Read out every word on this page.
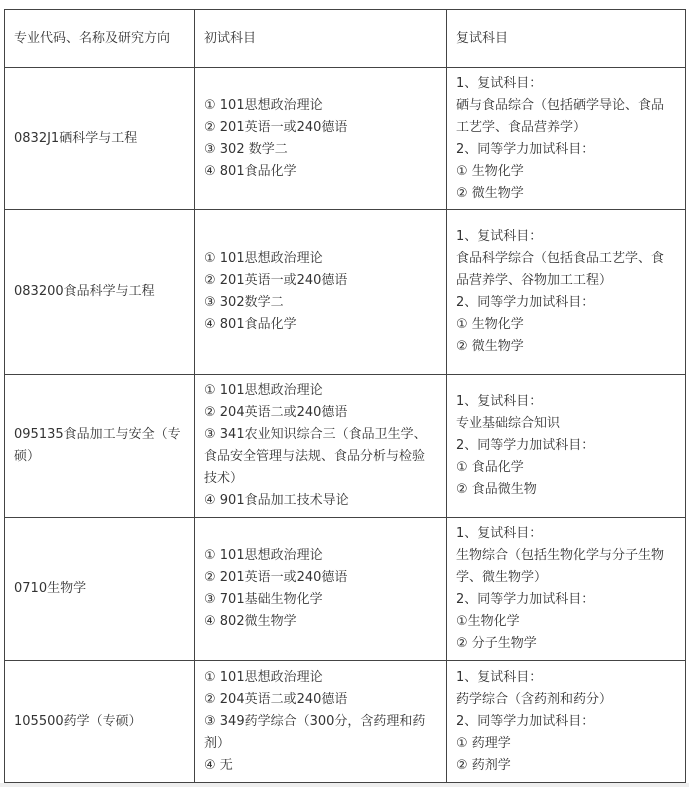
专业代码、名称及研究方向	初试科目	复试科目

0832J1硒科学与工程	① 101思想政治理论
② 201英语一或240德语
③ 302 数学二
④ 801食品化学	1、复试科目：
硒与食品综合（包括硒学导论、食品工艺学、食品营养学）
2、同等学力加试科目：
① 生物化学
② 微生物学

083200食品科学与工程	① 101思想政治理论
② 201英语一或240德语
③ 302数学二
④ 801食品化学	1、复试科目：
食品科学综合（包括食品工艺学、食品营养学、谷物加工工程）
2、同等学力加试科目：
① 生物化学
② 微生物学

095135食品加工与安全（专硕）	① 101思想政治理论
② 204英语二或240德语
③ 341农业知识综合三（食品卫生学、食品安全管理与法规、食品分析与检验技术）
④ 901食品加工技术导论	1、复试科目：
专业基础综合知识
2、同等学力加试科目：
① 食品化学
② 食品微生物

0710生物学	① 101思想政治理论
② 201英语一或240德语
③ 701基础生物化学
④ 802微生物学	1、复试科目：
生物综合（包括生物化学与分子生物学、微生物学）
2、同等学力加试科目：
①生物化学
② 分子生物学

105500药学（专硕）	① 101思想政治理论
② 204英语二或240德语
③ 349药学综合（300分，含药理和药剂）
④ 无	1、复试科目：
药学综合（含药剂和药分）
2、同等学力加试科目：
① 药理学
② 药剂学
